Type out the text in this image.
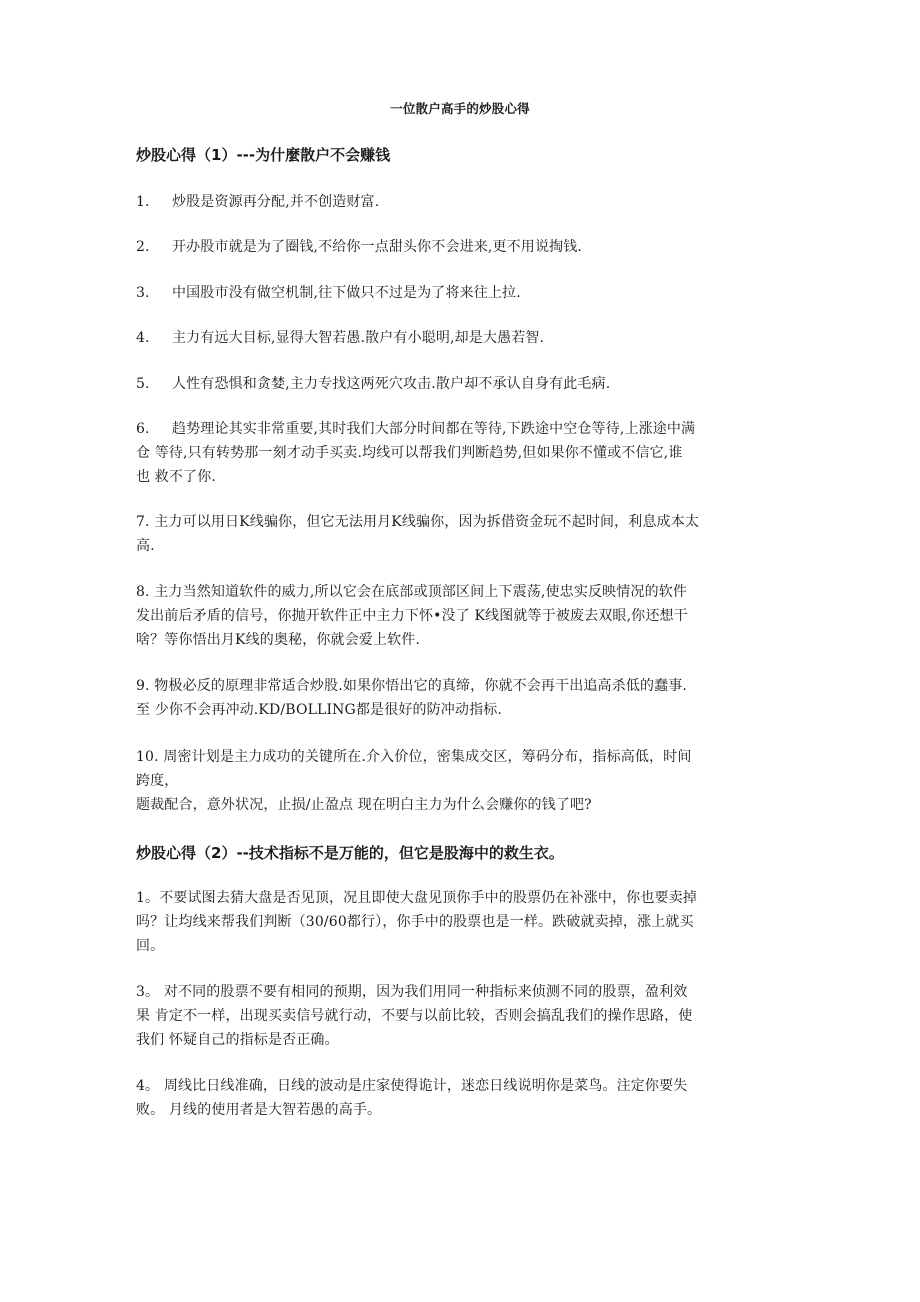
一位散户高手的炒股心得
炒股心得（1）---为什麼散户不会赚钱
1. 炒股是资源再分配,并不创造财富.
2. 开办股市就是为了圈钱,不给你一点甜头你不会进来,更不用说掏钱.
3. 中国股市没有做空机制,往下做只不过是为了将来往上拉.
4. 主力有远大目标,显得大智若愚.散户有小聪明,却是大愚若智.
5. 人性有恐惧和贪婪,主力专找这两死穴攻击.散户却不承认自身有此毛病.
6. 趋势理论其实非常重要,其时我们大部分时间都在等待,下跌途中空仓等待,上涨途中满
仓 等待,只有转势那一刻才动手买卖.均线可以帮我们判断趋势,但如果你不懂或不信它,谁
也 救不了你.
7. 主力可以用日K线骗你，但它无法用月K线骗你，因为拆借资金玩不起时间，利息成本太
高.
8. 主力当然知道软件的威力,所以它会在底部或顶部区间上下震荡,使忠实反映情况的软件
发出前后矛盾的信号，你抛开软件正中主力下怀•没了 K线图就等于被废去双眼,你还想干
啥？等你悟出月K线的奥秘，你就会爱上软件.
9. 物极必反的原理非常适合炒股.如果你悟出它的真缔，你就不会再干出追高杀低的蠢事.
至 少你不会再冲动.KD/BOLLING都是很好的防冲动指标.
10. 周密计划是主力成功的关键所在.介入价位，密集成交区，筹码分布，指标高低，时间
跨度，
题裁配合，意外状况，止损/止盈点 现在明白主力为什么会赚你的钱了吧?
炒股心得（2）--技术指标不是万能的，但它是股海中的救生衣。
1。不要试图去猜大盘是否见顶，况且即使大盘见顶你手中的股票仍在补涨中，你也要卖掉
吗？让均线来帮我们判断（30/60都行），你手中的股票也是一样。跌破就卖掉，涨上就买
回。
3。 对不同的股票不要有相同的预期，因为我们用同一种指标来侦测不同的股票，盈利效
果 肯定不一样，出现买卖信号就行动，不要与以前比较，否则会搞乱我们的操作思路，使
我们 怀疑自己的指标是否正确。
4。 周线比日线准确，日线的波动是庄家使得诡计，迷恋日线说明你是菜鸟。注定你要失
败。 月线的使用者是大智若愚的高手。
